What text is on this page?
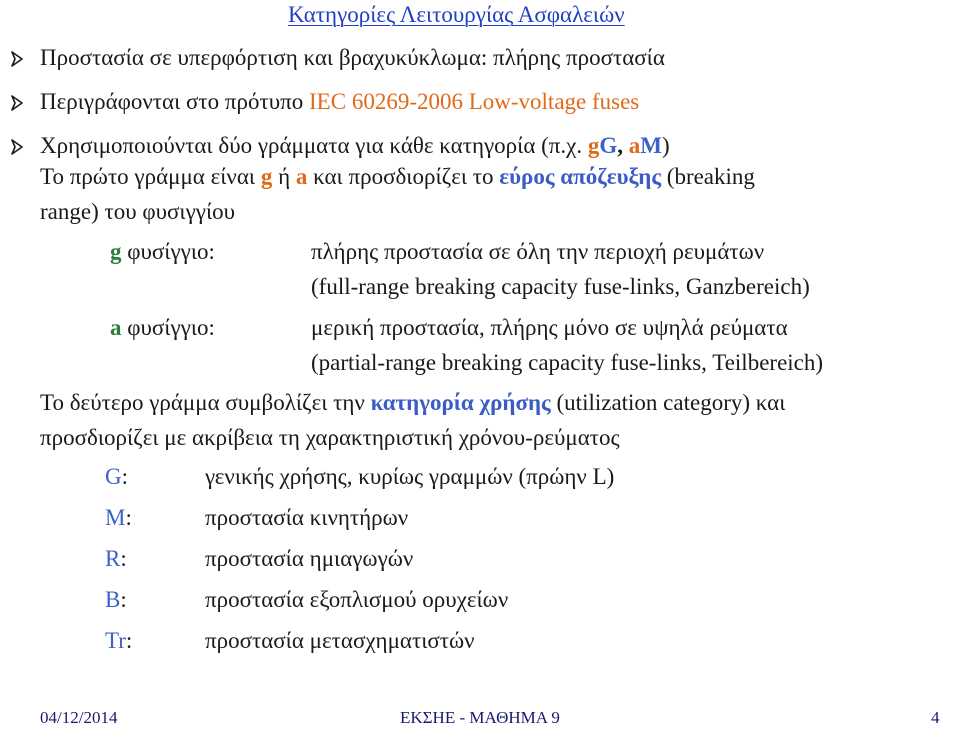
Κατηγορίες Λειτουργίας Ασφαλειών
Προστασία σε υπερφόρτιση και βραχυκύκλωμα: πλήρης προστασία
Περιγράφονται στο πρότυπο IEC 60269-2006 Low-voltage fuses
Χρησιμοποιούνται δύο γράμματα για κάθε κατηγορία (π.χ. gG, aM)
Το πρώτο γράμμα είναι g ή a και προσδιορίζει το εύρος απόζευξης (breaking
range) του φυσιγγίου
g φυσίγγιο:	πλήρης προστασία σε όλη την περιοχή ρευμάτων
(full-range breaking capacity fuse-links, Ganzbereich)
a φυσίγγιο:	μερική προστασία, πλήρης μόνο σε υψηλά ρεύματα
(partial-range breaking capacity fuse-links, Teilbereich)
Το δεύτερο γράμμα συμβολίζει την κατηγορία χρήσης (utilization category) και
προσδιορίζει με ακρίβεια τη χαρακτηριστική χρόνου-ρεύματος
G:	γενικής χρήσης, κυρίως γραμμών (πρώην L)
M:	προστασία κινητήρων
R:	προστασία ημιαγωγών
B:	προστασία εξοπλισμού ορυχείων
Tr:	προστασία μετασχηματιστών
04/12/2014	ΕΚΣΗΕ - ΜΑΘΗΜΑ 9	4
